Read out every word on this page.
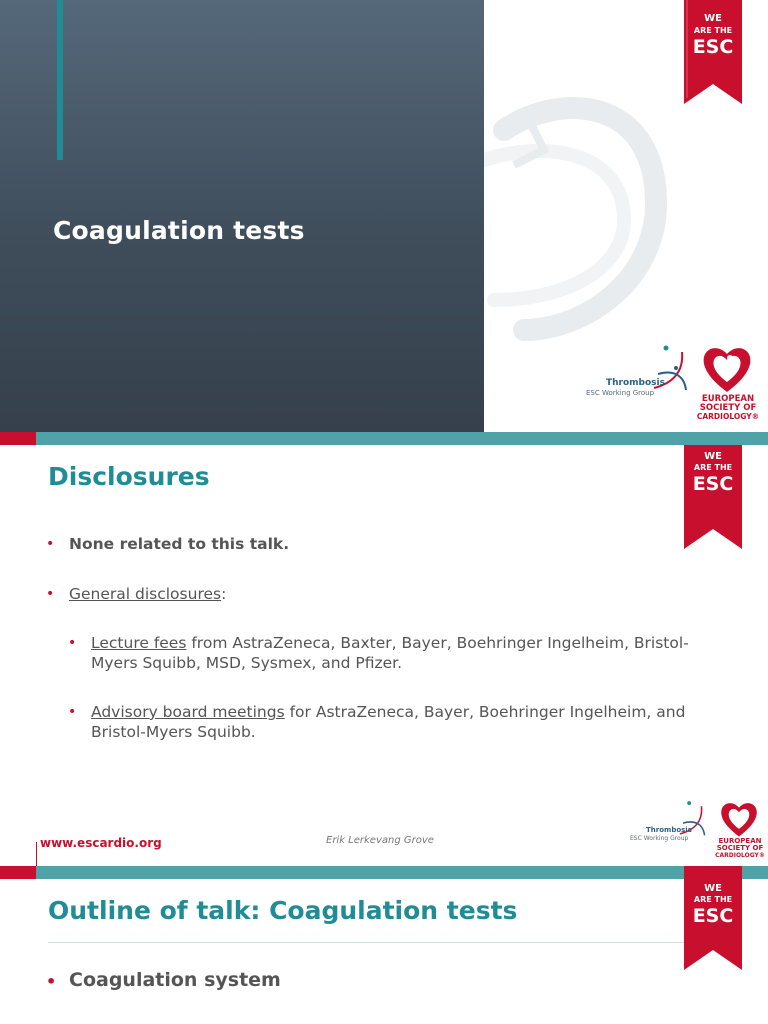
Coagulation tests
WE
ARE THE
ESC
Thrombosis
ESC Working Group
EUROPEAN
SOCIETY OF
CARDIOLOGY®
Disclosures
WE
ARE THE
ESC
• None related to this talk.
• General disclosures:
• Lecture fees from AstraZeneca, Baxter, Bayer, Boehringer Ingelheim, Bristol-Myers Squibb, MSD, Sysmex, and Pfizer.
• Advisory board meetings for AstraZeneca, Bayer, Boehringer Ingelheim, and Bristol-Myers Squibb.
www.escardio.org	Erik Lerkevang Grove
Thrombosis
ESC Working Group	EUROPEAN
SOCIETY OF
CARDIOLOGY®
Outline of talk: Coagulation tests
WE
ARE THE
ESC
• Coagulation system
